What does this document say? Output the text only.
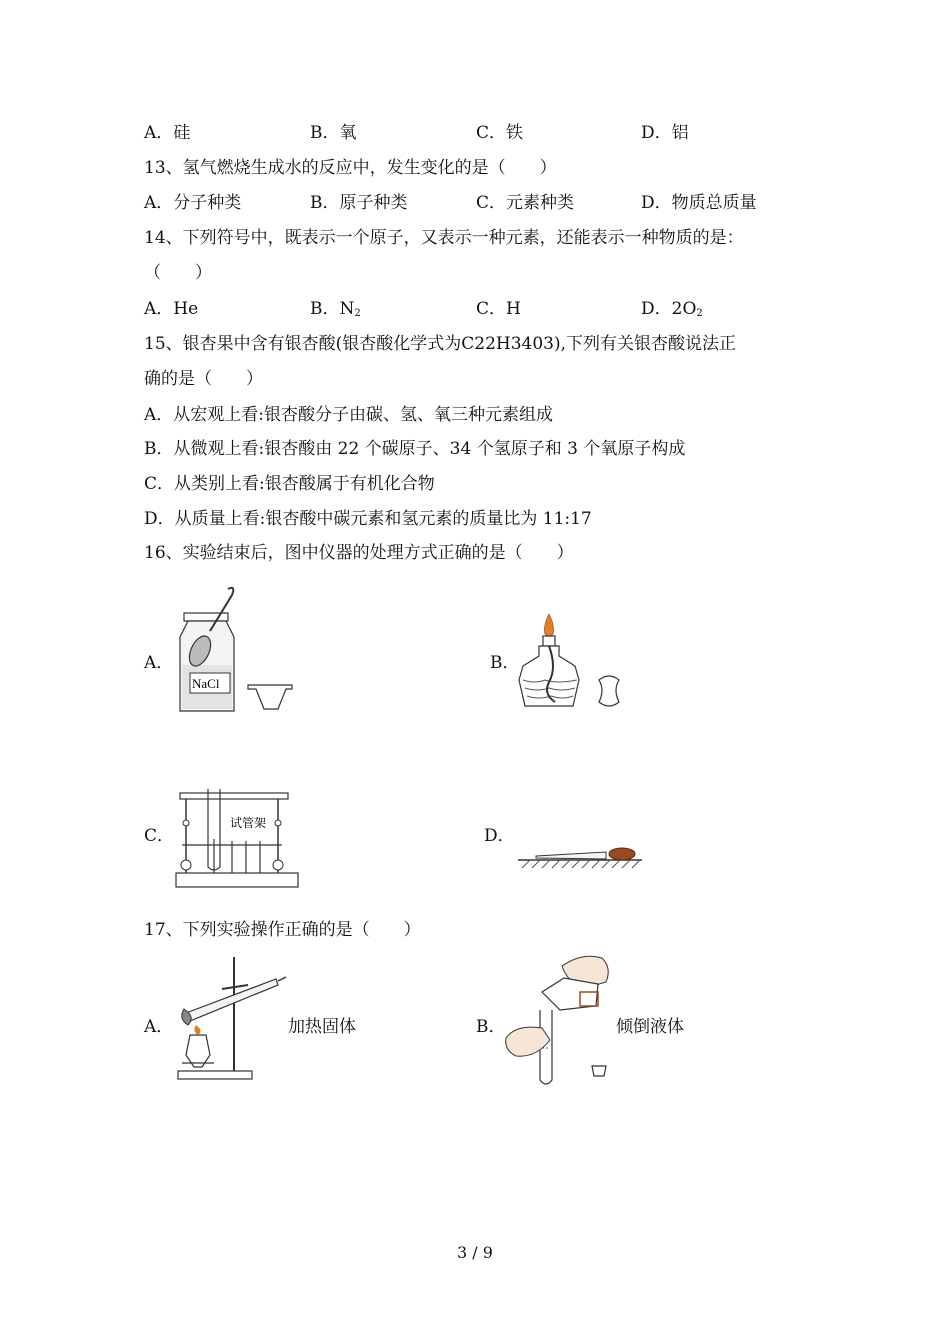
A．硅	B．氧	C．铁	D．铝
13、氢气燃烧生成水的反应中，发生变化的是（　　）
A．分子种类	B．原子种类	C．元素种类	D．物质总质量
14、下列符号中，既表示一个原子，又表示一种元素，还能表示一种物质的是：
（　　）
A．He	B．$N_2$	C．H	D．$2O_2$
15、银杏果中含有银杏酸(银杏酸化学式为C22H3403),下列有关银杏酸说法正
确的是（　　）
A．从宏观上看:银杏酸分子由碳、氢、氧三种元素组成
B．从微观上看:银杏酸由 22 个碳原子、34 个氢原子和 3 个氧原子构成
C．从类别上看:银杏酸属于有机化合物
D．从质量上看:银杏酸中碳元素和氢元素的质量比为 11:17
16、实验结束后，图中仪器的处理方式正确的是（　　）
A．
NaCl
B．
C．
试管架
D．
17、下列实验操作正确的是（　　）
A．	加热固体	B．	倾倒液体
3 / 9
